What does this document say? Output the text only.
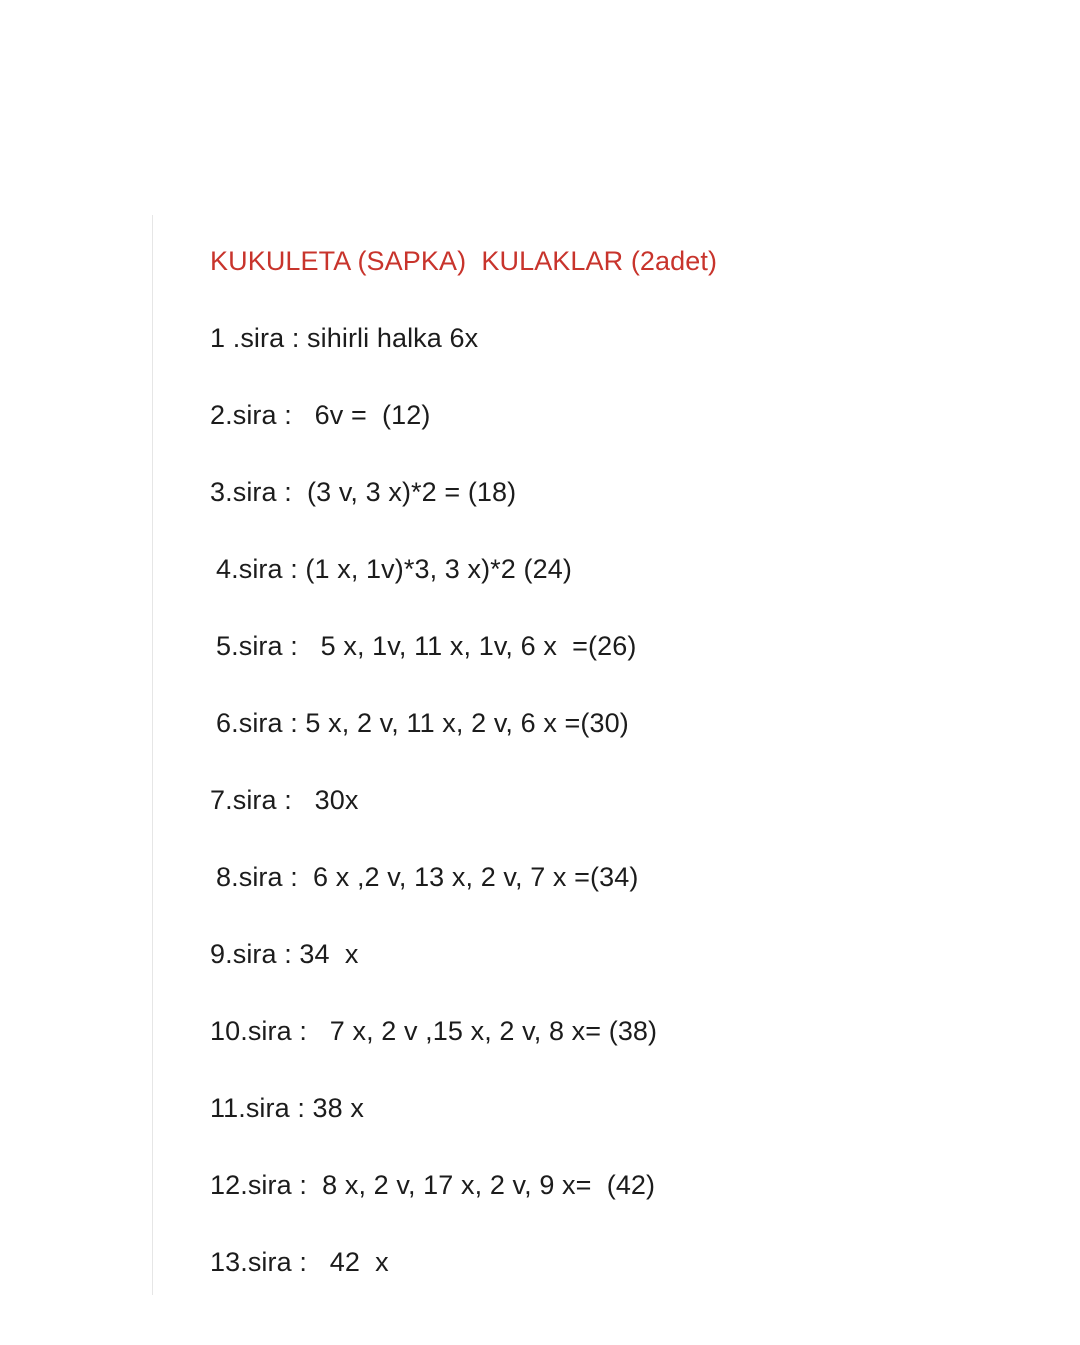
KUKULETA (SAPKA)  KULAKLAR (2adet)
1 .sira : sihirli halka 6x
2.sira :   6v =  (12)
3.sira :  (3 v, 3 x)*2 = (18)
4.sira : (1 x, 1v)*3, 3 x)*2 (24)
5.sira :   5 x, 1v, 11 x, 1v, 6 x  =(26)
6.sira : 5 x, 2 v, 11 x, 2 v, 6 x =(30)
7.sira :   30x
8.sira :  6 x ,2 v, 13 x, 2 v, 7 x =(34)
9.sira : 34  x
10.sira :   7 x, 2 v ,15 x, 2 v, 8 x= (38)
11.sira : 38 x
12.sira :  8 x, 2 v, 17 x, 2 v, 9 x=  (42)
13.sira :   42  x
